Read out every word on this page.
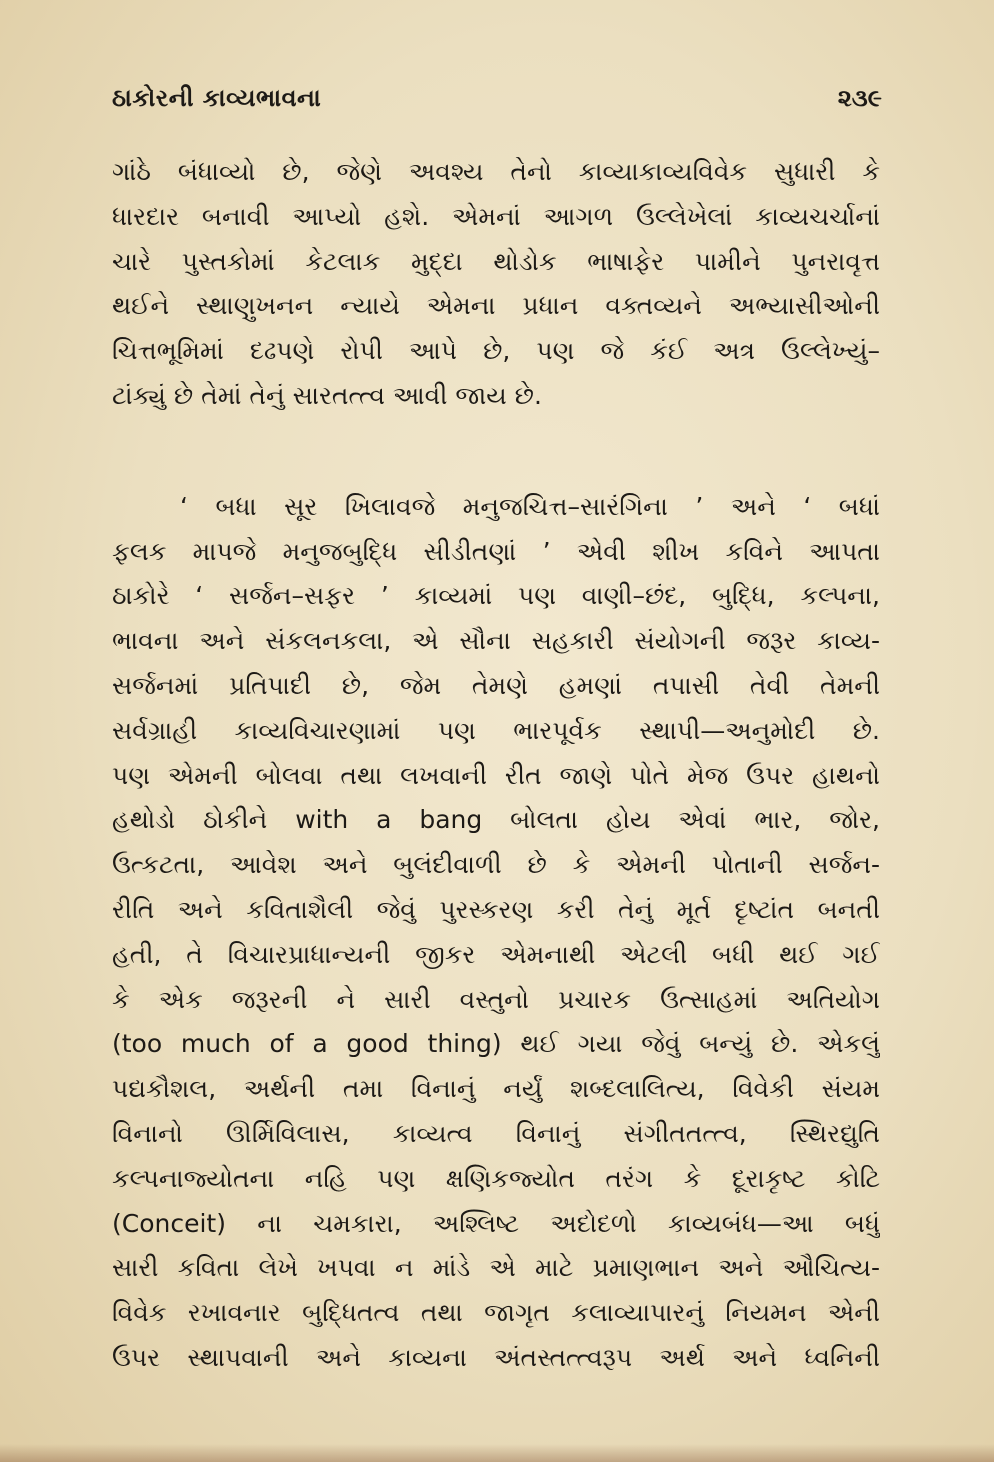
ઠાકોરની કાવ્યભાવના	૨૩૯
ગાંઠે બંધાવ્યો છે, જેણે અવશ્ય તેનો કાવ્યાકાવ્યવિવેક સુધારી કે
ધારદાર બનાવી આપ્યો હશે. એમનાં આગળ ઉલ્લેખેલાં કાવ્યચર્ચાનાં
ચારે પુસ્તકોમાં કેટલાક મુદ્દા થોડોક ભાષાફેર પામીને પુનરાવૃત્ત
થઈને સ્થાણુખનન ન્યાયે એમના પ્રધાન વક્તવ્યને અભ્યાસીઓની
ચિત્તભૂમિમાં દઢપણે રોપી આપે છે, પણ જે કંઈ અત્ર ઉલ્લેખ્યું–
ટાંક્યું છે તેમાં તેનું સારતત્ત્વ આવી જાય છે.
‘ બધા સૂર ખિલાવજે મનુજચિત્ત–સારંગિના ’ અને ‘ બધાં
ફલક માપજે મનુજબુદ્ધિ સીડીતણાં ’ એવી શીખ કવિને આપતા
ઠાકોરે ‘ સર્જન–સફર ’ કાવ્યમાં પણ વાણી–છંદ, બુદ્ધિ, કલ્પના,
ભાવના અને સંકલનકલા, એ સૌના સહકારી સંયોગની જરૂર કાવ્ય-
સર્જનમાં પ્રતિપાદી છે, જેમ તેમણે હમણાં તપાસી તેવી તેમની
સર્વગ્રાહી કાવ્યવિચારણામાં પણ ભારપૂર્વક સ્થાપી—અનુમોદી છે.
પણ એમની બોલવા તથા લખવાની રીત જાણે પોતે મેજ ઉપર હાથનો
હથોડો ઠોકીને with a bang બોલતા હોય એવાં ભાર, જોર,
ઉત્કટતા, આવેશ અને બુલંદીવાળી છે કે એમની પોતાની સર્જન-
રીતિ અને કવિતાશૈલી જેવું પુરસ્કરણ કરી તેનું મૂર્ત દૃષ્ટાંત બનતી
હતી, તે વિચારપ્રાધાન્યની જીકર એમનાથી એટલી બધી થઈ ગઈ
કે એક જરૂરની ને સારી વસ્તુનો પ્રચારક ઉત્સાહમાં અતિયોગ
(too much of a good thing) થઈ ગયા જેવું બન્યું છે. એકલું
પદ્યકૌશલ, અર્થની તમા વિનાનું નર્યું શબ્દલાલિત્ય, વિવેકી સંયમ
વિનાનો ઊર્મિવિલાસ, કાવ્યત્વ વિનાનું સંગીતતત્ત્વ, સ્થિરદ્યુતિ
કલ્પનાજ્યોતના નહિ પણ ક્ષણિકજ્યોત તરંગ કે દૂરાકૃષ્ટ કોટિ
(Conceit) ના ચમકારા, અશ્લિષ્ટ અદોદળો કાવ્યબંધ—આ બધું
સારી કવિતા લેખે ખપવા ન માંડે એ માટે પ્રમાણભાન અને ઔચિત્ય-
વિવેક રખાવનાર બુદ્ધિતત્વ તથા જાગૃત કલાવ્યાપારનું નિયમન એની
ઉપર સ્થાપવાની અને કાવ્યના અંતસ્તત્ત્વરૂપ અર્થ અને ધ્વનિની
